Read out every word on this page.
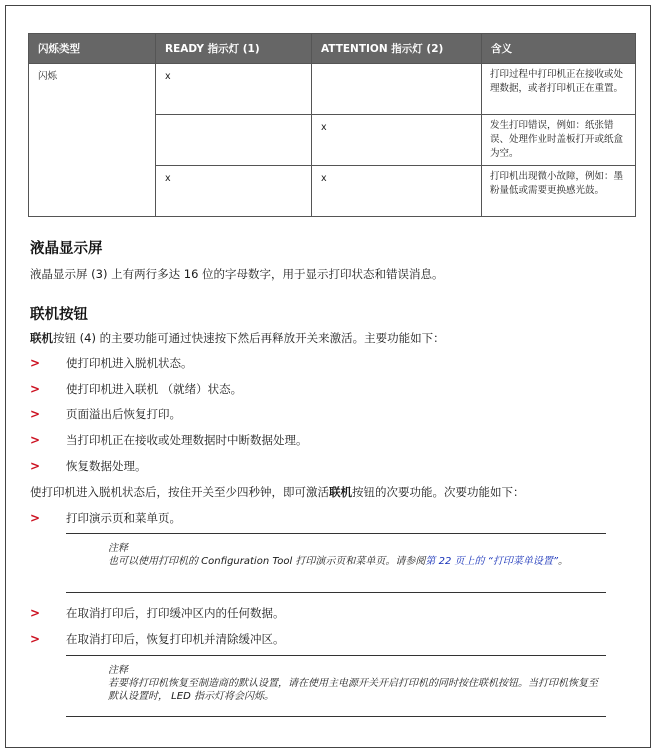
闪烁类型	READY 指示灯 (1)	ATTENTION 指示灯 (2)	含义
闪烁	x		打印过程中打印机正在接收或处理数据，或者打印机正在重置。
		x	发生打印错误，例如：纸张错误、处理作业时盖板打开或纸盒为空。
	x	x	打印机出现微小故障，例如：墨粉量低或需要更换感光鼓。
液晶显示屏
液晶显示屏 (3) 上有两行多达 16 位的字母数字，用于显示打印状态和错误消息。
联机按钮
联机按钮 (4) 的主要功能可通过快速按下然后再释放开关来激活。主要功能如下：
> 使打印机进入脱机状态。
> 使打印机进入联机 （就绪）状态。
> 页面溢出后恢复打印。
> 当打印机正在接收或处理数据时中断数据处理。
> 恢复数据处理。
使打印机进入脱机状态后，按住开关至少四秒钟，即可激活联机按钮的次要功能。次要功能如下：
> 打印演示页和菜单页。
注释
也可以使用打印机的 Configuration Tool 打印演示页和菜单页。请参阅第 22 页上的 “打印菜单设置”。
> 在取消打印后，打印缓冲区内的任何数据。
> 在取消打印后，恢复打印机并清除缓冲区。
注释
若要将打印机恢复至制造商的默认设置，请在使用主电源开关开启打印机的同时按住联机按钮。当打印机恢复至默认设置时， LED 指示灯将会闪烁。
